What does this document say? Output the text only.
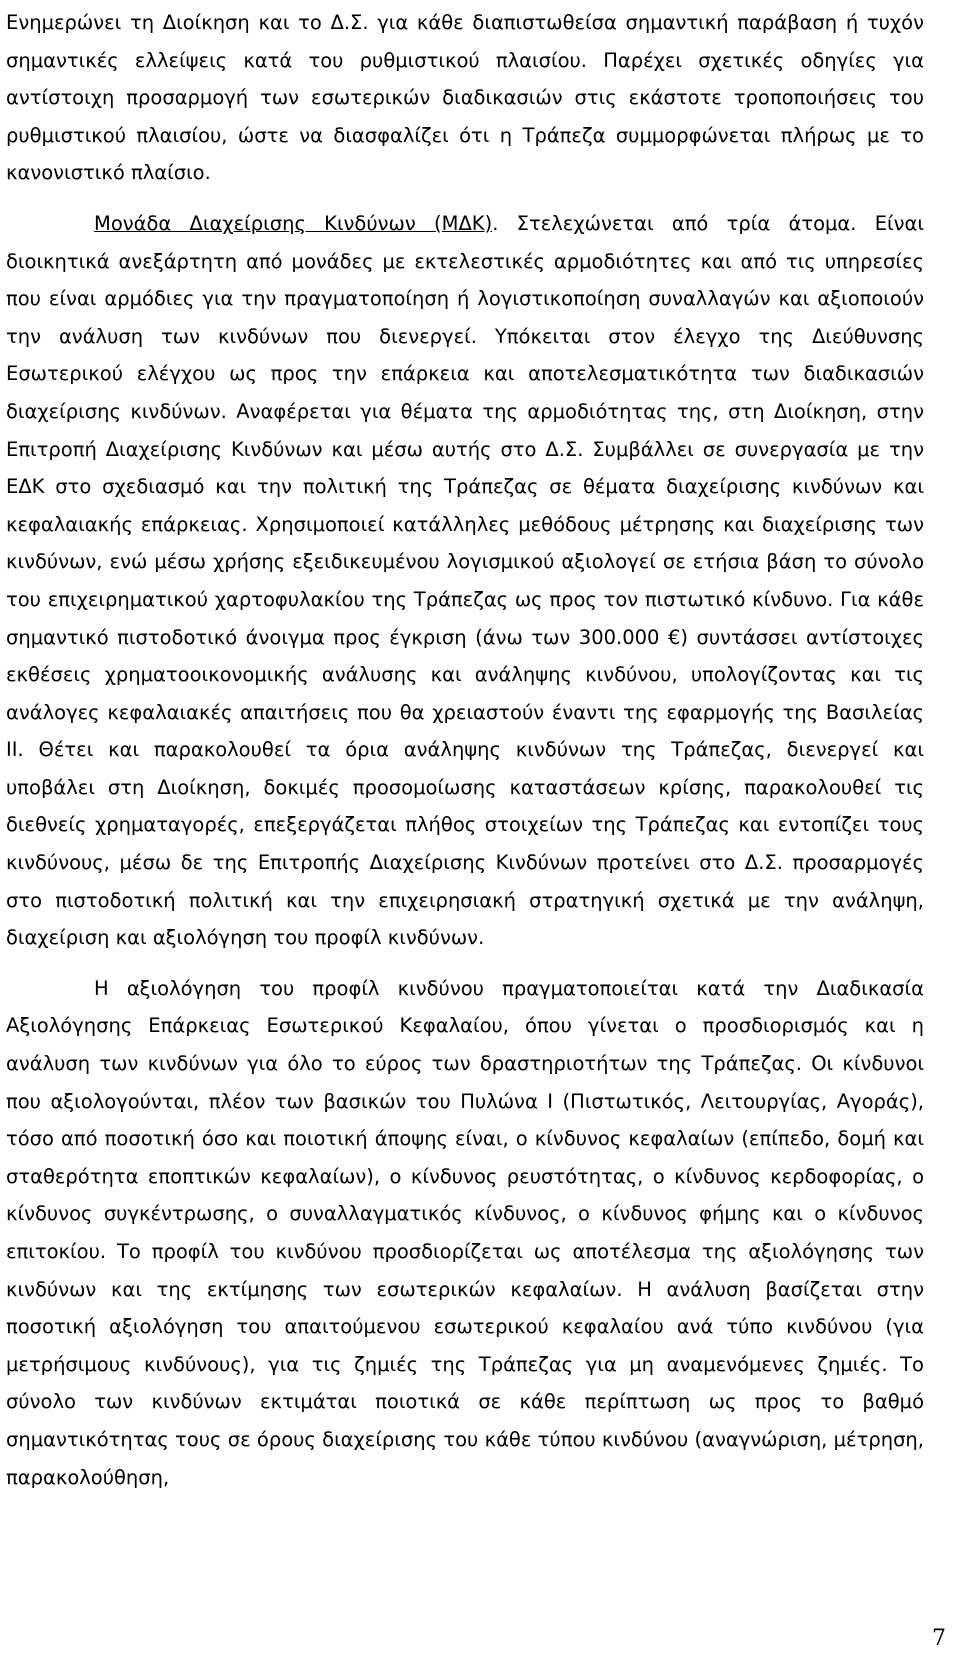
Ενημερώνει τη Διοίκηση και το Δ.Σ. για κάθε διαπιστωθείσα σημαντική παράβαση ή τυχόν σημαντικές ελλείψεις κατά του ρυθμιστικού πλαισίου. Παρέχει σχετικές οδηγίες για αντίστοιχη προσαρμογή των εσωτερικών διαδικασιών στις εκάστοτε τροποποιήσεις του ρυθμιστικού πλαισίου, ώστε να διασφαλίζει ότι η Τράπεζα συμμορφώνεται πλήρως με το κανονιστικό πλαίσιο.

Μονάδα Διαχείρισης Κινδύνων (ΜΔΚ). Στελεχώνεται από τρία άτομα. Είναι διοικητικά ανεξάρτητη από μονάδες με εκτελεστικές αρμοδιότητες και από τις υπηρεσίες που είναι αρμόδιες για την πραγματοποίηση ή λογιστικοποίηση συναλλαγών και αξιοποιούν την ανάλυση των κινδύνων που διενεργεί. Υπόκειται στον έλεγχο της Διεύθυνσης Εσωτερικού ελέγχου ως προς την επάρκεια και αποτελεσματικότητα των διαδικασιών διαχείρισης κινδύνων. Αναφέρεται για θέματα της αρμοδιότητας της, στη Διοίκηση, στην Επιτροπή Διαχείρισης Κινδύνων και μέσω αυτής στο Δ.Σ. Συμβάλλει σε συνεργασία με την ΕΔΚ στο σχεδιασμό και την πολιτική της Τράπεζας σε θέματα διαχείρισης κινδύνων και κεφαλαιακής επάρκειας. Χρησιμοποιεί κατάλληλες μεθόδους μέτρησης και διαχείρισης των κινδύνων, ενώ μέσω χρήσης εξειδικευμένου λογισμικού αξιολογεί σε ετήσια βάση το σύνολο του επιχειρηματικού χαρτοφυλακίου της Τράπεζας ως προς τον πιστωτικό κίνδυνο. Για κάθε σημαντικό πιστοδοτικό άνοιγμα προς έγκριση (άνω των 300.000 €) συντάσσει αντίστοιχες εκθέσεις χρηματοοικονομικής ανάλυσης και ανάληψης κινδύνου, υπολογίζοντας και τις ανάλογες κεφαλαιακές απαιτήσεις που θα χρειαστούν έναντι της εφαρμογής της Βασιλείας ΙΙ. Θέτει και παρακολουθεί τα όρια ανάληψης κινδύνων της Τράπεζας, διενεργεί και υποβάλει στη Διοίκηση, δοκιμές προσομοίωσης καταστάσεων κρίσης, παρακολουθεί τις διεθνείς χρηματαγορές, επεξεργάζεται πλήθος στοιχείων της Τράπεζας και εντοπίζει τους κινδύνους, μέσω δε της Επιτροπής Διαχείρισης Κινδύνων προτείνει στο Δ.Σ. προσαρμογές στο πιστοδοτική πολιτική και την επιχειρησιακή στρατηγική σχετικά με την ανάληψη, διαχείριση και αξιολόγηση του προφίλ κινδύνων.

Η αξιολόγηση του προφίλ κινδύνου πραγματοποιείται κατά την Διαδικασία Αξιολόγησης Επάρκειας Εσωτερικού Κεφαλαίου, όπου γίνεται ο προσδιορισμός και η ανάλυση των κινδύνων για όλο το εύρος των δραστηριοτήτων της Τράπεζας. Οι κίνδυνοι που αξιολογούνται, πλέον των βασικών του Πυλώνα Ι (Πιστωτικός, Λειτουργίας, Αγοράς), τόσο από ποσοτική όσο και ποιοτική άποψης είναι, ο κίνδυνος κεφαλαίων (επίπεδο, δομή και σταθερότητα εποπτικών κεφαλαίων), ο κίνδυνος ρευστότητας, ο κίνδυνος κερδοφορίας, ο κίνδυνος συγκέντρωσης, ο συναλλαγματικός κίνδυνος, ο κίνδυνος φήμης και ο κίνδυνος επιτοκίου. Το προφίλ του κινδύνου προσδιορίζεται ως αποτέλεσμα της αξιολόγησης των κινδύνων και της εκτίμησης των εσωτερικών κεφαλαίων. Η ανάλυση βασίζεται στην ποσοτική αξιολόγηση του απαιτούμενου εσωτερικού κεφαλαίου ανά τύπο κινδύνου (για μετρήσιμους κινδύνους), για τις ζημιές της Τράπεζας για μη αναμενόμενες ζημιές. Το σύνολο των κινδύνων εκτιμάται ποιοτικά σε κάθε περίπτωση ως προς το βαθμό σημαντικότητας τους σε όρους διαχείρισης του κάθε τύπου κινδύνου (αναγνώριση, μέτρηση, παρακολούθηση,

7
